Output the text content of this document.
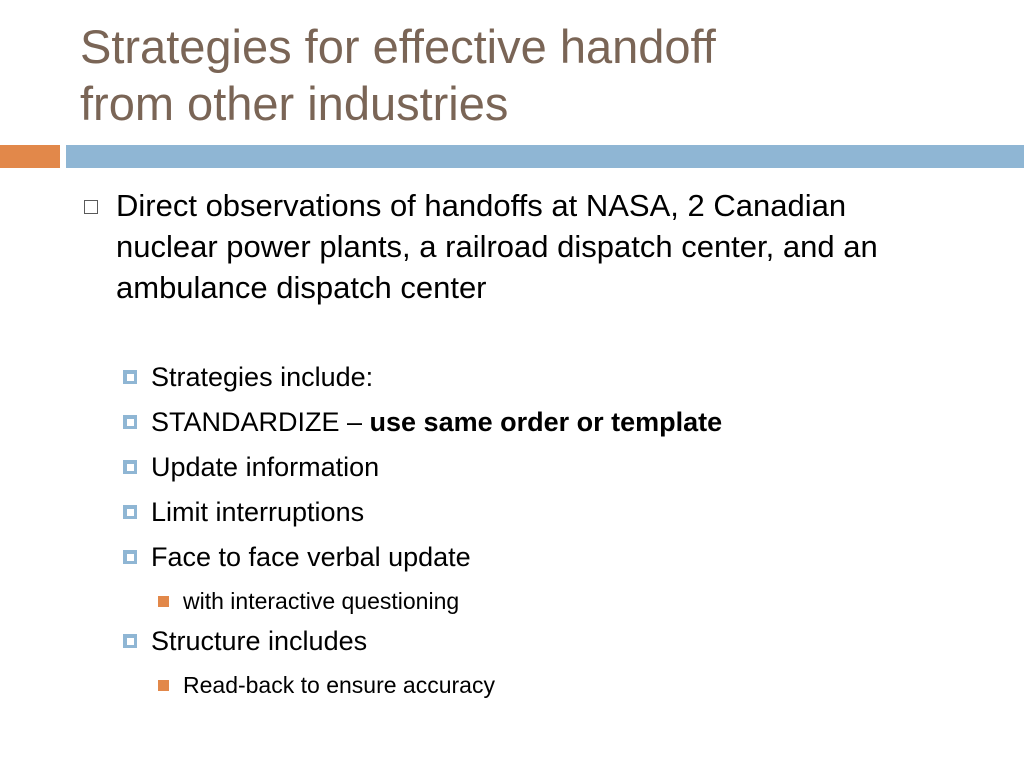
Strategies for effective handoff
from other industries

Direct observations of handoffs at NASA, 2 Canadian nuclear power plants, a railroad dispatch center, and an ambulance dispatch center

Strategies include:
STANDARDIZE – use same order or template
Update information
Limit interruptions
Face to face verbal update
with interactive questioning
Structure includes
Read-back to ensure accuracy
